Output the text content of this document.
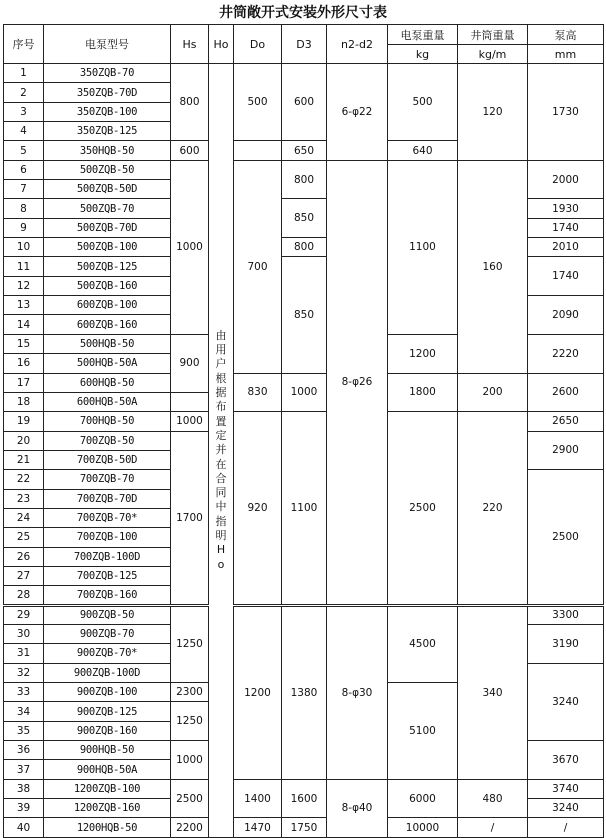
井筒敞开式安装外形尺寸表
序号	电泵型号	Hs	Ho	Do	D3	n2-d2	电泵重量	井筒重量	泵高
							kg	kg/m	mm
1	350ZQB-70	800	由用户根据布置定并在合同中指明Ho	500	600	6-φ22	500	120	1730
2	350ZQB-70D								
3	350ZQB-100								
4	350ZQB-125								
5	350HQB-50	600			650		640		
6	500ZQB-50	1000		700	800	8-φ26	1100	160	2000
7	500ZQB-50D								
8	500ZQB-70				850				1930
9	500ZQB-70D								1740
10	500ZQB-100				800				2010
11	500ZQB-125				850				1740
12	500ZQB-160								
13	600ZQB-100								2090
14	600ZQB-160								
15	500HQB-50	900					1200		2220
16	500HQB-50A								
17	600HQB-50			830	1000		1800	200	2600
18	600HQB-50A							
19	700HQB-50	1000		920	1100		2500	220	2650
20	700ZQB-50	1700							2900
21	700ZQB-50D								
22	700ZQB-70								2500
23	700ZQB-70D								
24	700ZQB-70*								
25	700ZQB-100								
26	700ZQB-100D								
27	700ZQB-125								
28	700ZQB-160								
29	900ZQB-50	1250		1200	1380	8-φ30	4500	340	3300
30	900ZQB-70								3190
31	900ZQB-70*								
32	900ZQB-100D								3240
33	900ZQB-100	2300					5100		
34	900ZQB-125	1250							
35	900ZQB-160								
36	900HQB-50	1000							3670
37	900HQB-50A								
38	1200ZQB-100	2500		1400	1600	8-φ40	6000	480	3740
39	1200ZQB-160								3240
40	1200HQB-50	2200		1470	1750		10000	/	/
